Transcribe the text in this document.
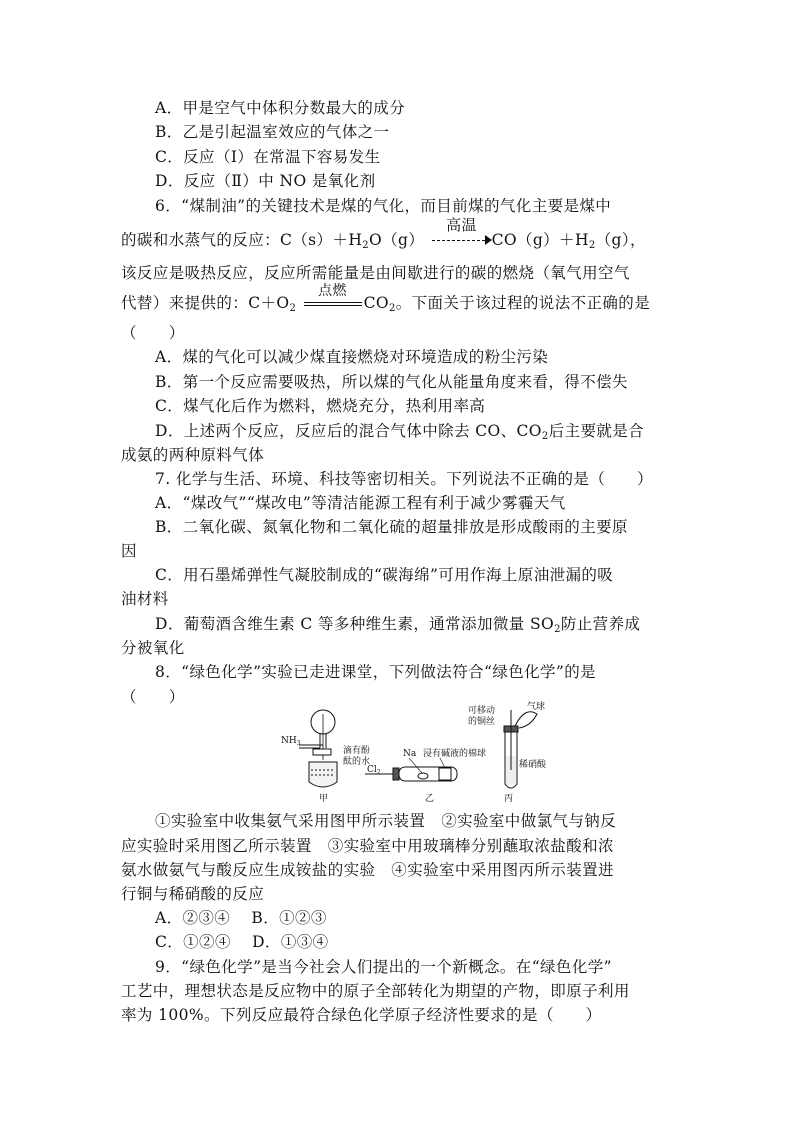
A．甲是空气中体积分数最大的成分
B．乙是引起温室效应的气体之一
C．反应（Ⅰ）在常温下容易发生
D．反应（Ⅱ）中 NO 是氧化剂
6．“煤制油”的关键技术是煤的气化，而目前煤的气化主要是煤中
的碳和水蒸气的反应：$C(s)+H_2O(g)$
高温
$CO(g)+H_2(g)$，
该反应是吸热反应，反应所需能量是由间歇进行的碳的燃烧（氧气用空气
代替）来提供的：$C+O_2$
点燃
$CO_2$。下面关于该过程的说法不正确的是
（　　）
A．煤的气化可以减少煤直接燃烧对环境造成的粉尘污染
B．第一个反应需要吸热，所以煤的气化从能量角度来看，得不偿失
C．煤气化后作为燃料，燃烧充分，热利用率高
D．上述两个反应，反应后的混合气体中除去 CO、$CO_2$后主要就是合
成氨的两种原料气体
7. 化学与生活、环境、科技等密切相关。下列说法不正确的是（　　）
A．“煤改气”“煤改电”等清洁能源工程有利于减少雾霾天气
B．二氧化碳、氮氧化物和二氧化硫的超量排放是形成酸雨的主要原
因
C．用石墨烯弹性气凝胶制成的“碳海绵”可用作海上原油泄漏的吸
油材料
D．葡萄酒含维生素 C 等多种维生素，通常添加微量 $SO_2$防止营养成
分被氧化
8．“绿色化学”实验已走进课堂，下列做法符合“绿色化学”的是
（　　）
$NH_3$
滴有酚
酞的水
甲
Na 浸有碱液的棉球
$Cl_2$
乙
可移动
的铜丝
气球
稀硝酸
丙
①实验室中收集氨气采用图甲所示装置　②实验室中做氯气与钠反
应实验时采用图乙所示装置　③实验室中用玻璃棒分别蘸取浓盐酸和浓
氨水做氨气与酸反应生成铵盐的实验　④实验室中采用图丙所示装置进
行铜与稀硝酸的反应
A．②③④　 B．①②③
C．①②④　 D．①③④
9．“绿色化学”是当今社会人们提出的一个新概念。在“绿色化学”
工艺中，理想状态是反应物中的原子全部转化为期望的产物，即原子利用
率为 100%。下列反应最符合绿色化学原子经济性要求的是（　　）
